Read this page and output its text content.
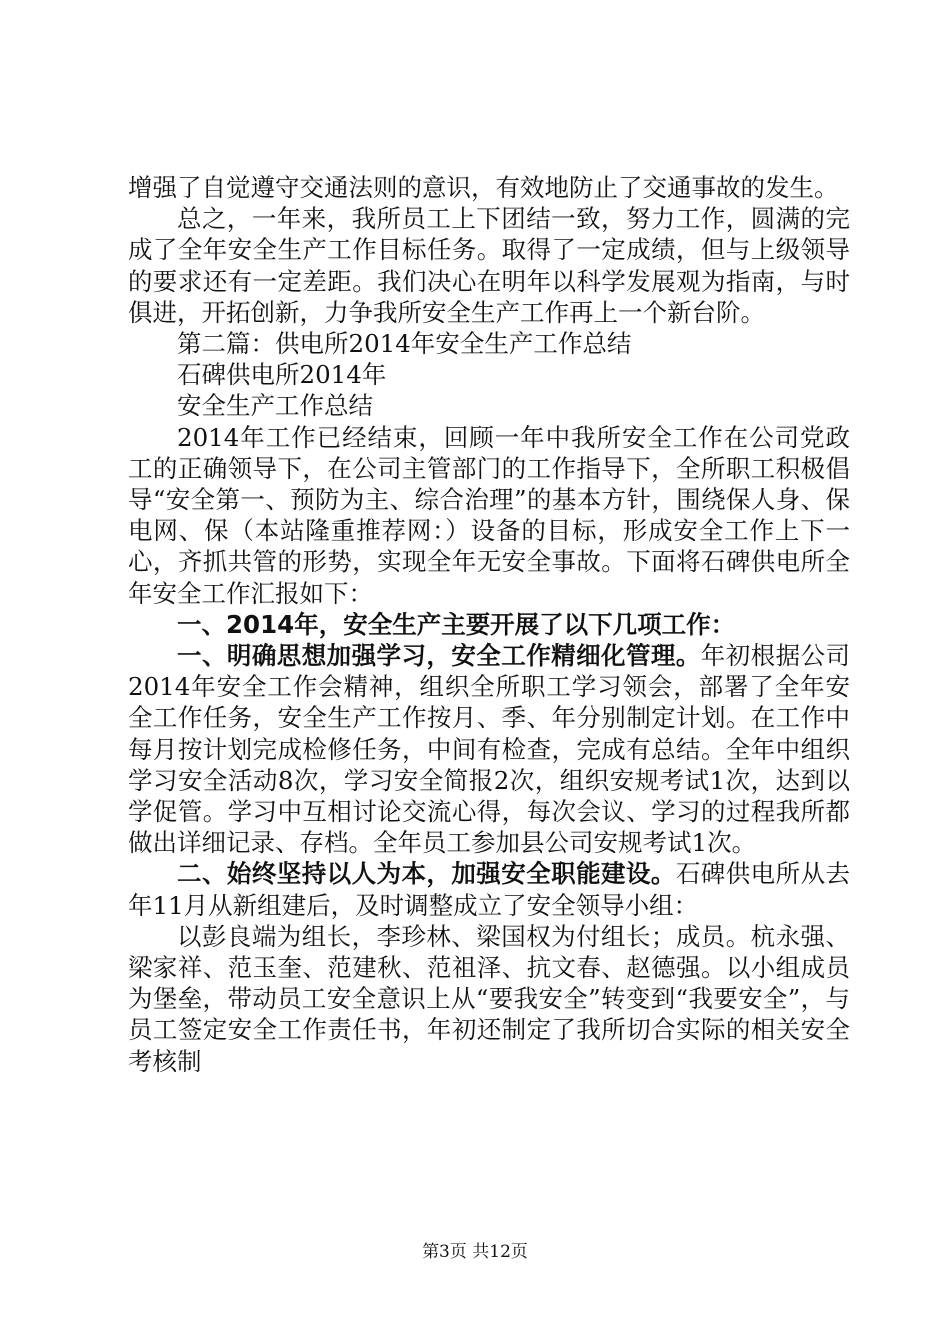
增强了自觉遵守交通法则的意识，有效地防止了交通事故的发生。

总之，一年来，我所员工上下团结一致，努力工作，圆满的完成了全年安全生产工作目标任务。取得了一定成绩，但与上级领导的要求还有一定差距。我们决心在明年以科学发展观为指南，与时俱进，开拓创新，力争我所安全生产工作再上一个新台阶。

第二篇：供电所2014年安全生产工作总结

石碑供电所2014年

安全生产工作总结

2014年工作已经结束，回顾一年中我所安全工作在公司党政工的正确领导下，在公司主管部门的工作指导下，全所职工积极倡导“安全第一、预防为主、综合治理”的基本方针，围绕保人身、保电网、保（本站隆重推荐网：）设备的目标，形成安全工作上下一心，齐抓共管的形势，实现全年无安全事故。下面将石碑供电所全年安全工作汇报如下：

一、2014年，安全生产主要开展了以下几项工作：

一、明确思想加强学习，安全工作精细化管理。年初根据公司2014年安全工作会精神，组织全所职工学习领会，部署了全年安全工作任务，安全生产工作按月、季、年分别制定计划。在工作中每月按计划完成检修任务，中间有检查，完成有总结。全年中组织学习安全活动8次，学习安全简报2次，组织安规考试1次，达到以学促管。学习中互相讨论交流心得，每次会议、学习的过程我所都做出详细记录、存档。全年员工参加县公司安规考试1次。

二、始终坚持以人为本，加强安全职能建设。石碑供电所从去年11月从新组建后，及时调整成立了安全领导小组：

以彭良端为组长，李珍林、梁国权为付组长；成员。杭永强、梁家祥、范玉奎、范建秋、范祖泽、抗文春、赵德强。以小组成员为堡垒，带动员工安全意识上从“要我安全”转变到“我要安全”，与员工签定安全工作责任书，年初还制定了我所切合实际的相关安全考核制

第3页 共12页
